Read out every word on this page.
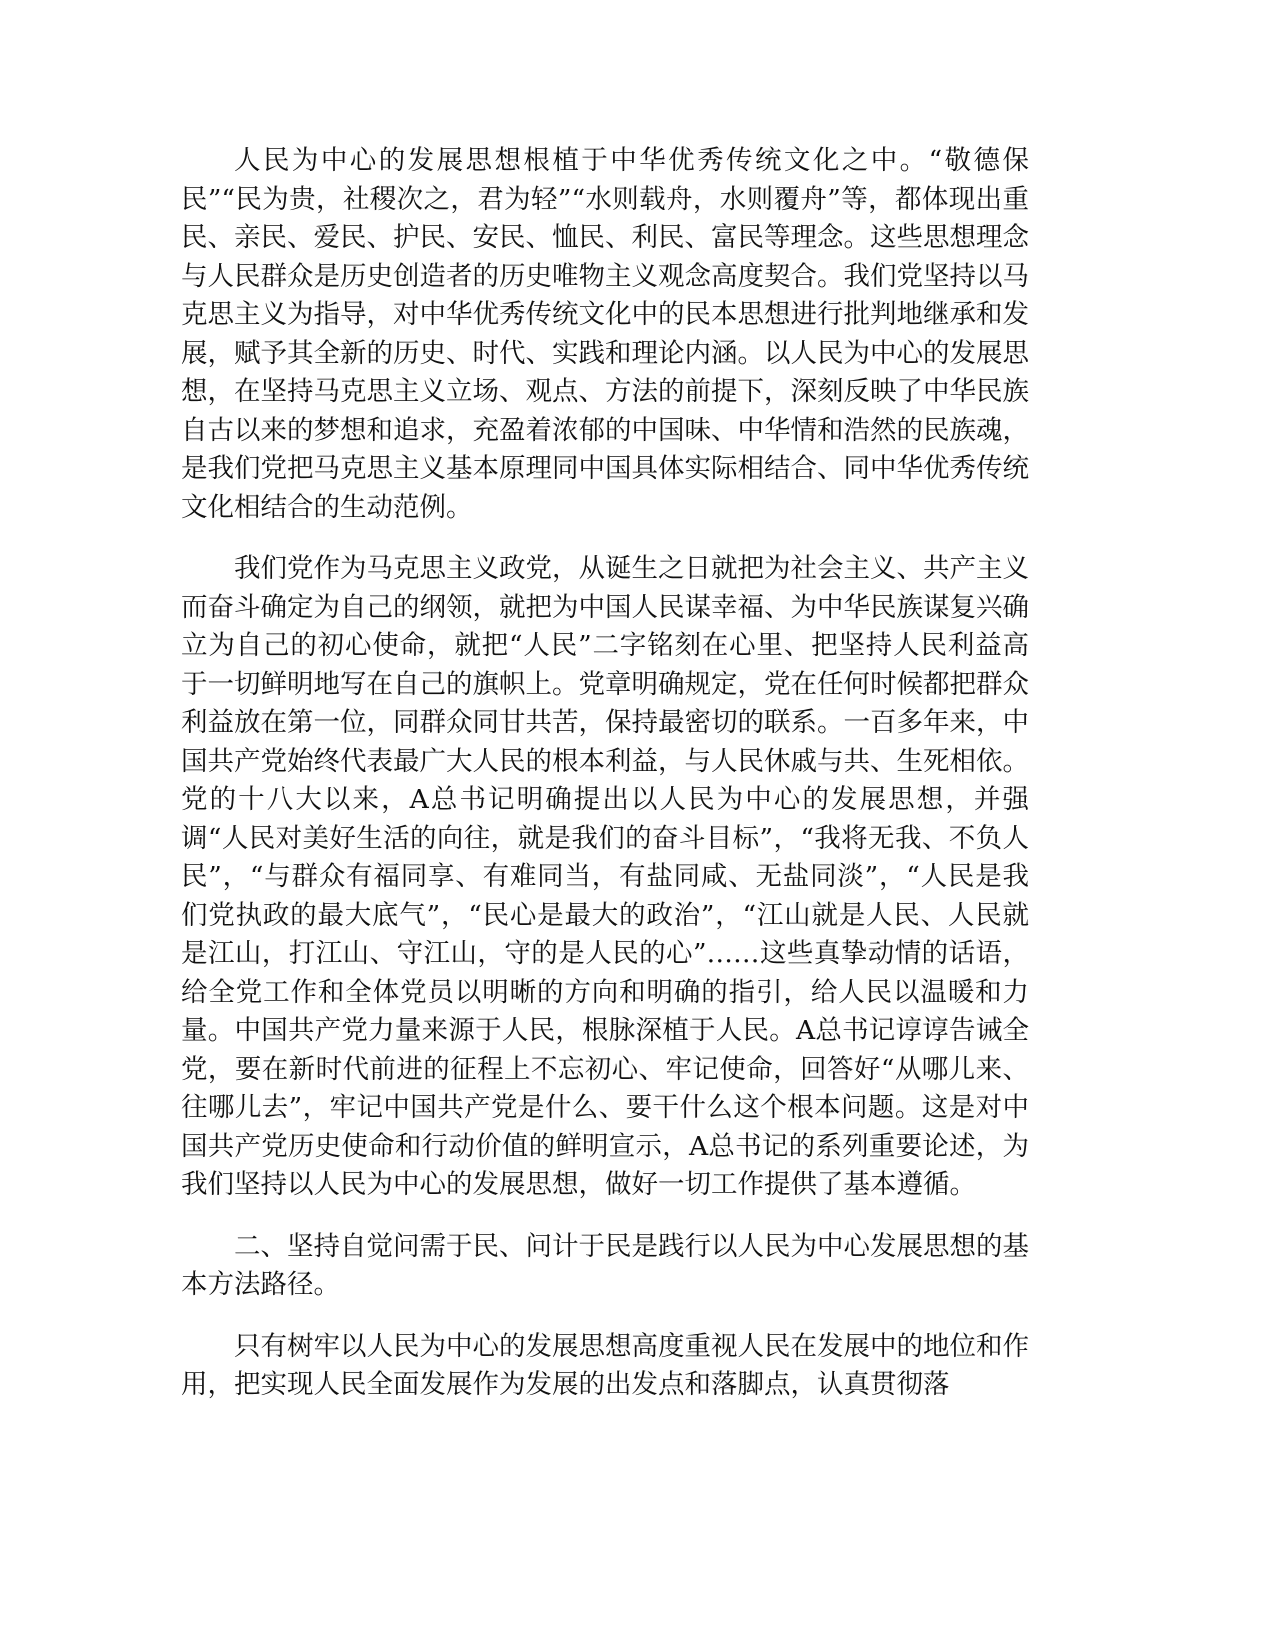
人民为中心的发展思想根植于中华优秀传统文化之中。“敬德保民”“民为贵，社稷次之，君为轻”“水则载舟，水则覆舟”等，都体现出重民、亲民、爱民、护民、安民、恤民、利民、富民等理念。这些思想理念与人民群众是历史创造者的历史唯物主义观念高度契合。我们党坚持以马克思主义为指导，对中华优秀传统文化中的民本思想进行批判地继承和发展，赋予其全新的历史、时代、实践和理论内涵。以人民为中心的发展思想，在坚持马克思主义立场、观点、方法的前提下，深刻反映了中华民族自古以来的梦想和追求，充盈着浓郁的中国味、中华情和浩然的民族魂，是我们党把马克思主义基本原理同中国具体实际相结合、同中华优秀传统文化相结合的生动范例。

我们党作为马克思主义政党，从诞生之日就把为社会主义、共产主义而奋斗确定为自己的纲领，就把为中国人民谋幸福、为中华民族谋复兴确立为自己的初心使命，就把“人民”二字铭刻在心里、把坚持人民利益高于一切鲜明地写在自己的旗帜上。党章明确规定，党在任何时候都把群众利益放在第一位，同群众同甘共苦，保持最密切的联系。一百多年来，中国共产党始终代表最广大人民的根本利益，与人民休戚与共、生死相依。党的十八大以来，A总书记明确提出以人民为中心的发展思想，并强调“人民对美好生活的向往，就是我们的奋斗目标”，“我将无我、不负人民”，“与群众有福同享、有难同当，有盐同咸、无盐同淡”，“人民是我们党执政的最大底气”，“民心是最大的政治”，“江山就是人民、人民就是江山，打江山、守江山，守的是人民的心”……这些真挚动情的话语，给全党工作和全体党员以明晰的方向和明确的指引，给人民以温暖和力量。中国共产党力量来源于人民，根脉深植于人民。A总书记谆谆告诫全党，要在新时代前进的征程上不忘初心、牢记使命，回答好“从哪儿来、往哪儿去”，牢记中国共产党是什么、要干什么这个根本问题。这是对中国共产党历史使命和行动价值的鲜明宣示，A总书记的系列重要论述，为我们坚持以人民为中心的发展思想，做好一切工作提供了基本遵循。

二、坚持自觉问需于民、问计于民是践行以人民为中心发展思想的基本方法路径。

只有树牢以人民为中心的发展思想高度重视人民在发展中的地位和作用，把实现人民全面发展作为发展的出发点和落脚点，认真贯彻落
